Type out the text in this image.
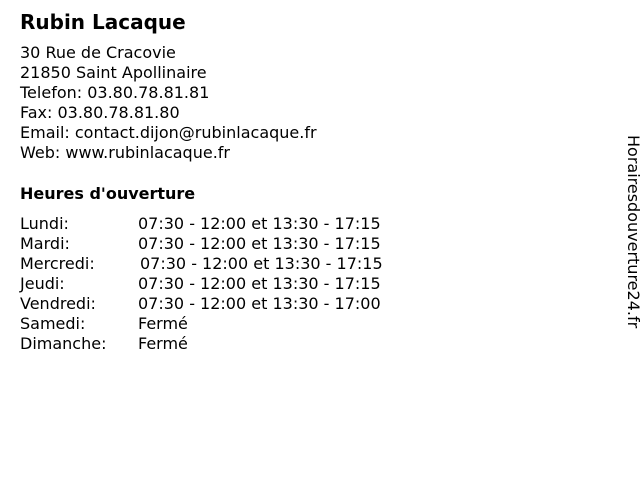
Rubin Lacaque
30 Rue de Cracovie
21850 Saint Apollinaire
Telefon: 03.80.78.81.81
Fax: 03.80.78.81.80
Email: contact.dijon@rubinlacaque.fr
Web: www.rubinlacaque.fr
Heures d'ouverture
Lundi:	07:30 - 12:00 et 13:30 - 17:15
Mardi:	07:30 - 12:00 et 13:30 - 17:15
Mercredi:	07:30 - 12:00 et 13:30 - 17:15
Jeudi:	07:30 - 12:00 et 13:30 - 17:15
Vendredi:	07:30 - 12:00 et 13:30 - 17:00
Samedi:	Fermé
Dimanche: Fermé
Horairesdouverture24.fr
